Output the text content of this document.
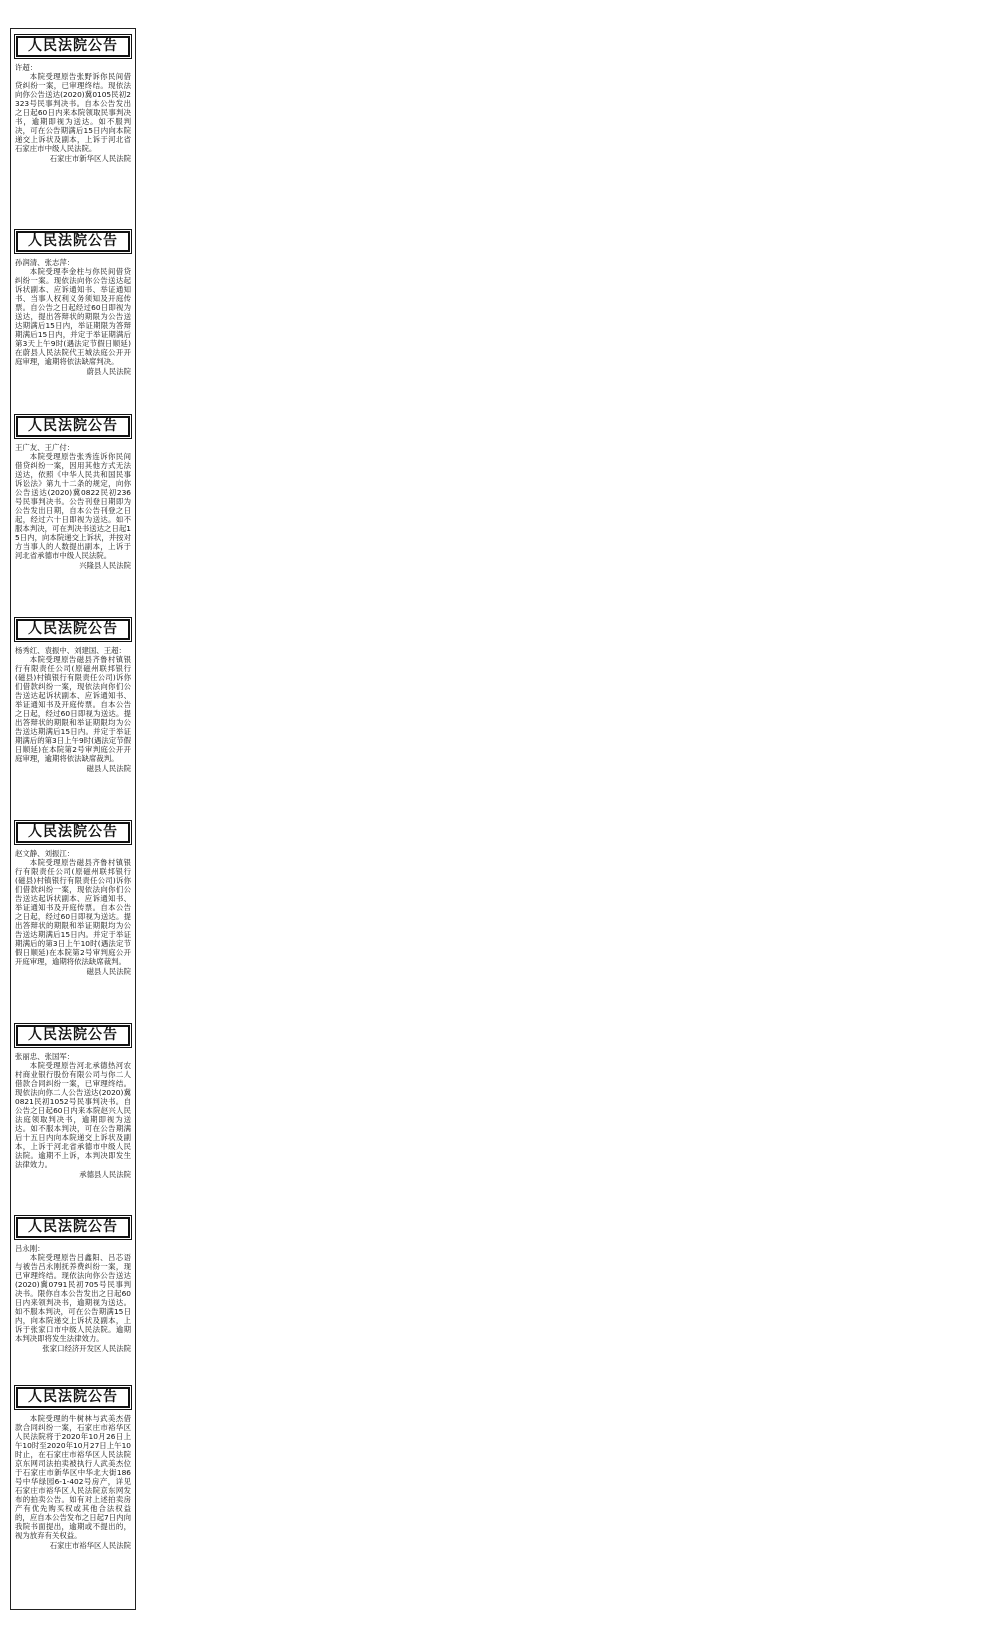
人民法院公告
许超：
本院受理原告张野诉你民间借贷纠纷一案，已审理终结。现依法向你公告送达(2020)冀0105民初2323号民事判决书。自本公告发出之日起60日内来本院领取民事判决书，逾期即视为送达。如不服判决，可在公告期满后15日内向本院递交上诉状及副本，上诉于河北省石家庄市中级人民法院。
石家庄市新华区人民法院
人民法院公告
孙润清、张志萍：
本院受理李金柱与你民间借贷纠纷一案。现依法向你公告送达起诉状副本、应诉通知书、举证通知书、当事人权利义务须知及开庭传票。自公告之日起经过60日即视为送达，提出答辩状的期限为公告送达期满后15日内，举证期限为答辩期满后15日内，并定于举证期满后第3天上午9时(遇法定节假日顺延)在蔚县人民法院代王城法庭公开开庭审理，逾期将依法缺席判决。
蔚县人民法院
人民法院公告
王广友、王广付：
本院受理原告张秀连诉你民间借贷纠纷一案，因用其他方式无法送达，依照《中华人民共和国民事诉讼法》第九十二条的规定，向你公告送达(2020)冀0822民初236号民事判决书。公告刊登日期即为公告发出日期，自本公告刊登之日起，经过六十日即视为送达。如不服本判决，可在判决书送达之日起15日内，向本院递交上诉状，并按对方当事人的人数提出副本，上诉于河北省承德市中级人民法院。
兴隆县人民法院
人民法院公告
杨秀红、袁振中、刘建国、王超：
本院受理原告磁县齐鲁村镇银行有限责任公司(原磁州联邦银行(磁县)村镇银行有限责任公司)诉你们借款纠纷一案，现依法向你们公告送达起诉状副本、应诉通知书、举证通知书及开庭传票。自本公告之日起，经过60日即视为送达。提出答辩状的期限和举证期限均为公告送达期满后15日内。并定于举证期满后的第3日上午9时(遇法定节假日顺延)在本院第2号审判庭公开开庭审理，逾期将依法缺席裁判。
磁县人民法院
人民法院公告
赵文静、刘振江：
本院受理原告磁县齐鲁村镇银行有限责任公司(原磁州联邦银行(磁县)村镇银行有限责任公司)诉你们借款纠纷一案，现依法向你们公告送达起诉状副本、应诉通知书、举证通知书及开庭传票。自本公告之日起，经过60日即视为送达。提出答辩状的期限和举证期限均为公告送达期满后15日内。并定于举证期满后的第3日上午10时(遇法定节假日顺延)在本院第2号审判庭公开开庭审理，逾期将依法缺席裁判。
磁县人民法院
人民法院公告
张丽忠、张国军：
本院受理原告河北承德热河农村商业银行股份有限公司与你二人借款合同纠纷一案，已审理终结。现依法向你二人公告送达(2020)冀0821民初1052号民事判决书。自公告之日起60日内来本院赵兴人民法庭领取判决书，逾期即视为送达。如不服本判决，可在公告期满后十五日内向本院递交上诉状及副本，上诉于河北省承德市中级人民法院。逾期不上诉，本判决即发生法律效力。
承德县人民法院
人民法院公告
吕永刚：
本院受理原告吕鑫阳、吕芯语与被告吕永刚抚养费纠纷一案，现已审理终结。现依法向你公告送达(2020)冀0791民初705号民事判决书。限你自本公告发出之日起60日内来领判决书，逾期视为送达。如不服本判决，可在公告期满15日内，向本院递交上诉状及副本，上诉于张家口市中级人民法院。逾期本判决即将发生法律效力。
张家口经济开发区人民法院
人民法院公告
本院受理的牛树林与武美杰借款合同纠纷一案，石家庄市裕华区人民法院将于2020年10月26日上午10时至2020年10月27日上午10时止，在石家庄市裕华区人民法院京东网司法拍卖被执行人武美杰位于石家庄市新华区中华北大街186号中华绿园6-1-402号房产，详见石家庄市裕华区人民法院京东网发布的拍卖公告。如有对上述拍卖房产有优先购买权或其他合法权益的，应自本公告发布之日起7日内向我院书面提出，逾期或不提出的，视为放弃有关权益。
石家庄市裕华区人民法院
